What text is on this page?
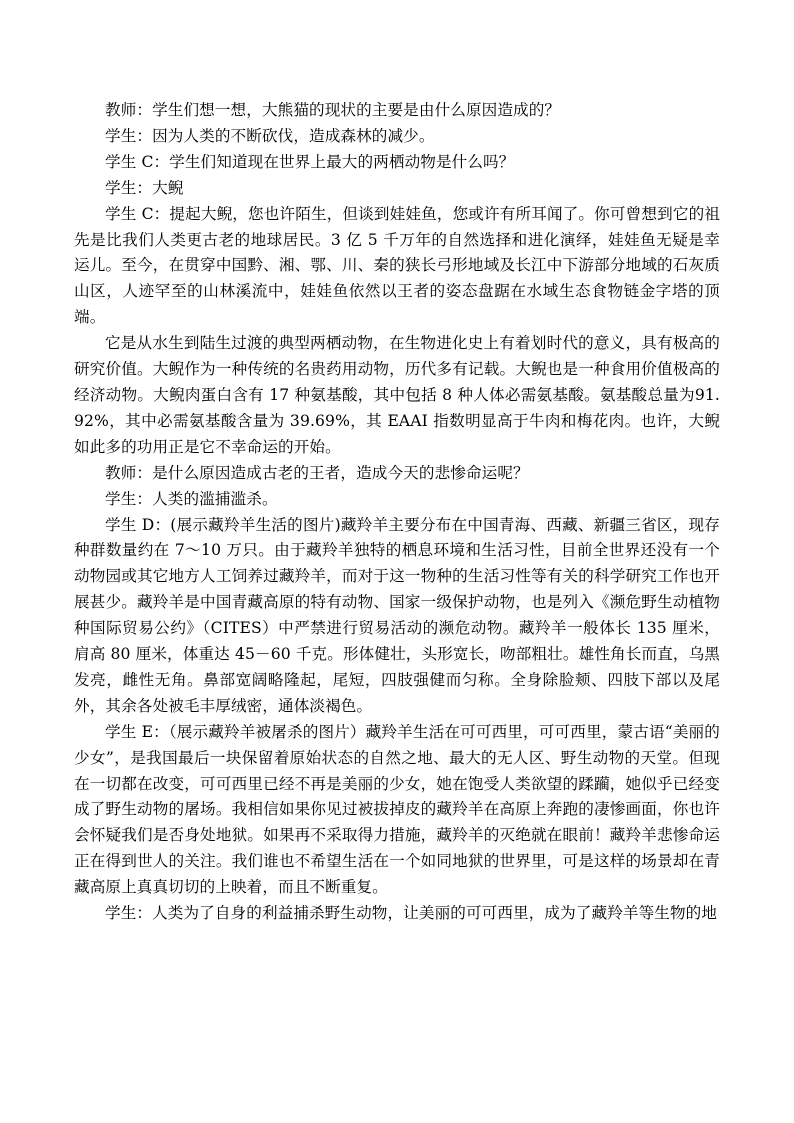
教师：学生们想一想，大熊猫的现状的主要是由什么原因造成的？

学生：因为人类的不断砍伐，造成森林的减少。

学生 C：学生们知道现在世界上最大的两栖动物是什么吗？

学生：大鲵

学生 C：提起大鲵，您也许陌生，但谈到娃娃鱼，您或许有所耳闻了。你可曾想到它的祖先是比我们人类更古老的地球居民。3 亿 5 千万年的自然选择和进化演绎，娃娃鱼无疑是幸运儿。至今，在贯穿中国黔、湘、鄂、川、秦的狭长弓形地域及长江中下游部分地域的石灰质山区，人迹罕至的山林溪流中，娃娃鱼依然以王者的姿态盘踞在水域生态食物链金字塔的顶端。

它是从水生到陆生过渡的典型两栖动物，在生物进化史上有着划时代的意义，具有极高的研究价值。大鲵作为一种传统的名贵药用动物，历代多有记载。大鲵也是一种食用价值极高的经济动物。大鲵肉蛋白含有 17 种氨基酸，其中包括 8 种人体必需氨基酸。氨基酸总量为91.92%，其中必需氨基酸含量为 39.69%，其 EAAI 指数明显高于牛肉和梅花肉。也许，大鲵如此多的功用正是它不幸命运的开始。

教师：是什么原因造成古老的王者，造成今天的悲惨命运呢？

学生：人类的滥捕滥杀。

学生 D：(展示藏羚羊生活的图片)藏羚羊主要分布在中国青海、西藏、新疆三省区，现存种群数量约在 7～10 万只。由于藏羚羊独特的栖息环境和生活习性，目前全世界还没有一个动物园或其它地方人工饲养过藏羚羊，而对于这一物种的生活习性等有关的科学研究工作也开展甚少。藏羚羊是中国青藏高原的特有动物、国家一级保护动物，也是列入《濒危野生动植物种国际贸易公约》（CITES）中严禁进行贸易活动的濒危动物。藏羚羊一般体长 135 厘米，肩高 80 厘米，体重达 45－60 千克。形体健壮，头形宽长，吻部粗壮。雄性角长而直，乌黑发亮，雌性无角。鼻部宽阔略隆起，尾短，四肢强健而匀称。全身除脸颊、四肢下部以及尾外，其余各处被毛丰厚绒密，通体淡褐色。

学生 E：（展示藏羚羊被屠杀的图片）藏羚羊生活在可可西里，可可西里，蒙古语“美丽的少女”，是我国最后一块保留着原始状态的自然之地、最大的无人区、野生动物的天堂。但现在一切都在改变，可可西里已经不再是美丽的少女，她在饱受人类欲望的蹂躏，她似乎已经变成了野生动物的屠场。我相信如果你见过被拔掉皮的藏羚羊在高原上奔跑的凄惨画面，你也许会怀疑我们是否身处地狱。如果再不采取得力措施，藏羚羊的灭绝就在眼前！藏羚羊悲惨命运正在得到世人的关注。我们谁也不希望生活在一个如同地狱的世界里，可是这样的场景却在青藏高原上真真切切的上映着，而且不断重复。

学生：人类为了自身的利益捕杀野生动物，让美丽的可可西里，成为了藏羚羊等生物的地
